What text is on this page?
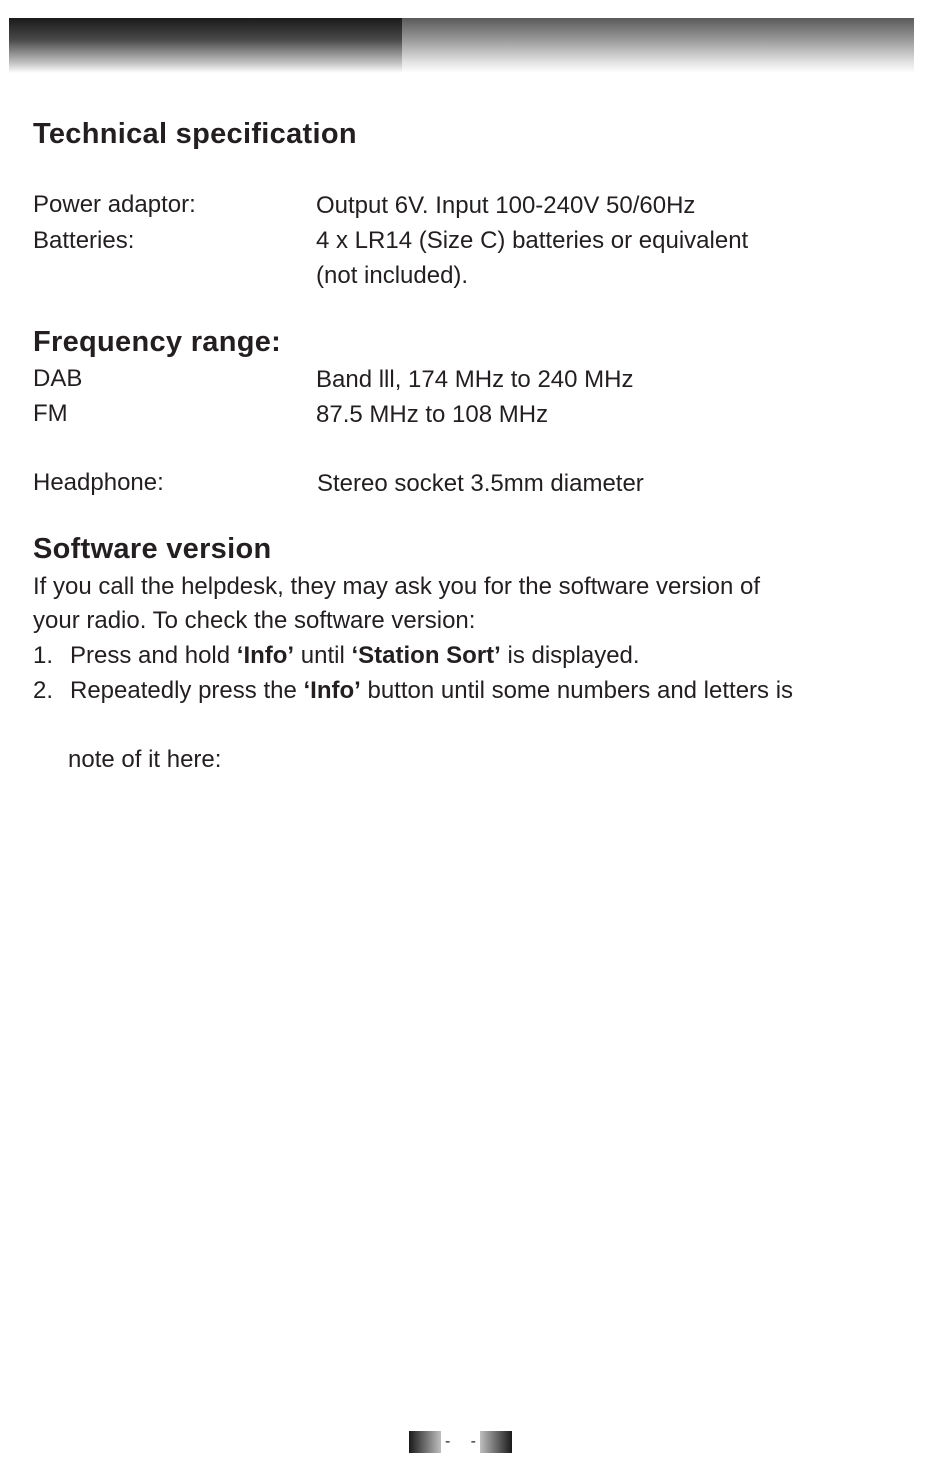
Technical specification
Power adaptor:	Output 6V. Input 100-240V 50/60Hz
Batteries:	4 x LR14 (Size C) batteries or equivalent
(not included).
Frequency range:
DAB	Band lll, 174 MHz to 240 MHz
FM	87.5 MHz to 108 MHz
Headphone:	Stereo socket 3.5mm diameter
Software version
If you call the helpdesk, they may ask you for the software version of
your radio. To check the software version:
1. Press and hold ‘Info’ until ‘Station Sort’ is displayed.
2. Repeatedly press the ‘Info’ button until some numbers and letters is
note of it here:
- -
